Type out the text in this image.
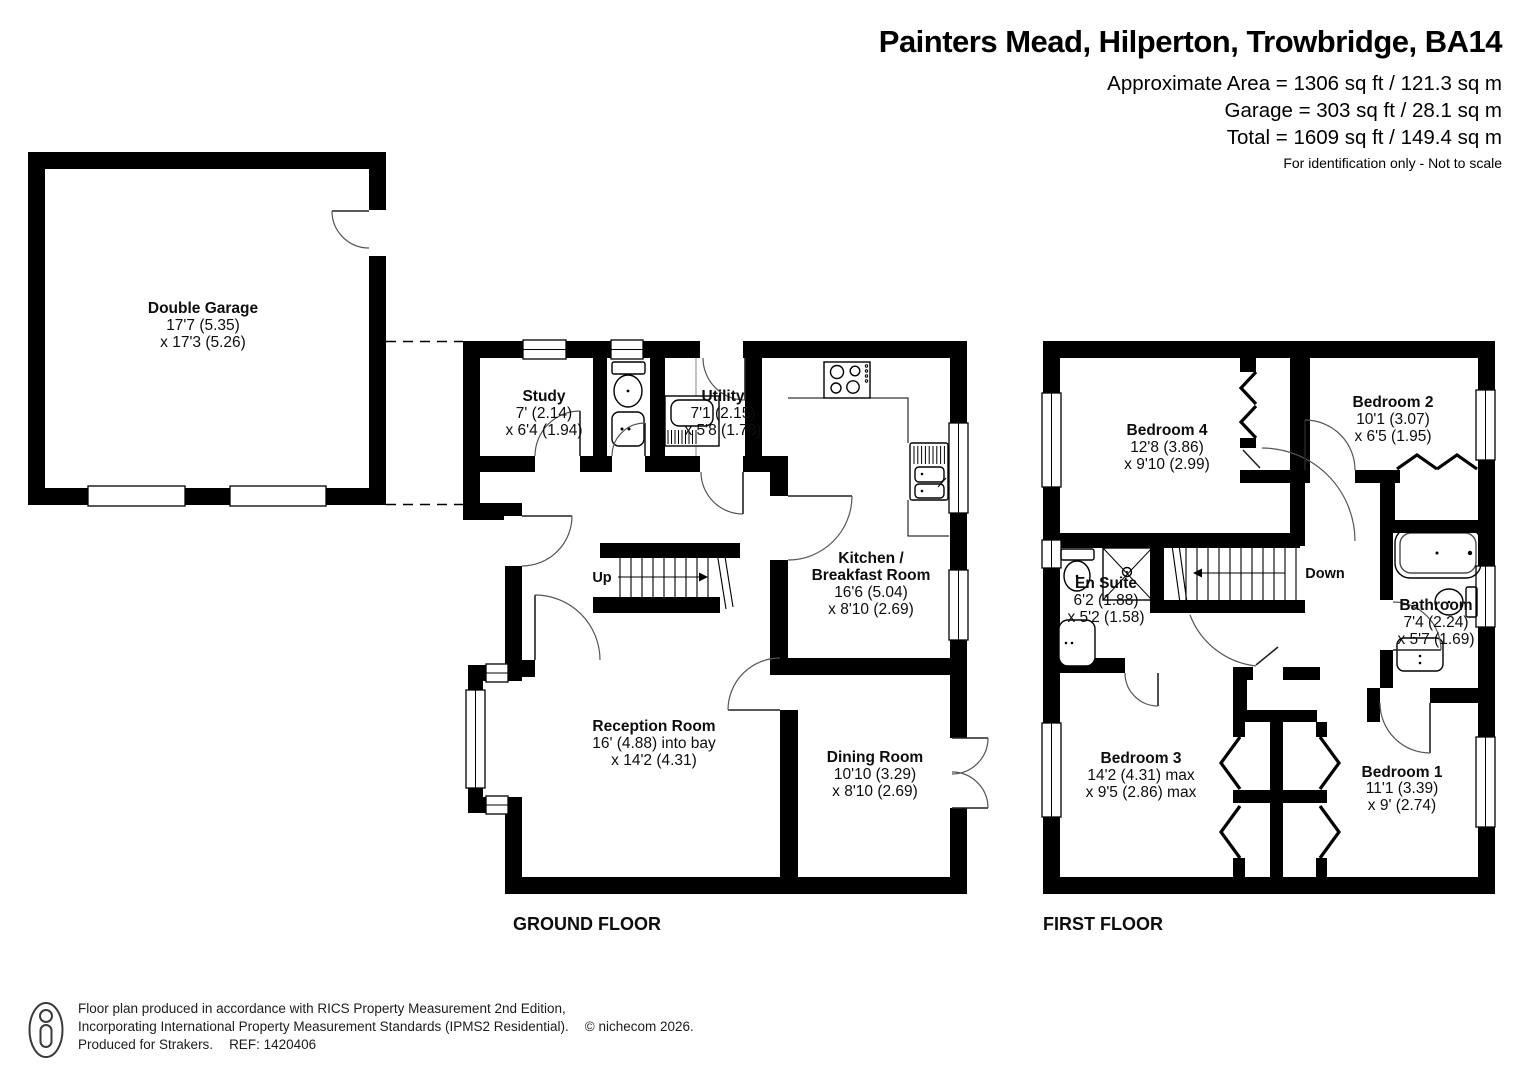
Painters Mead, Hilperton, Trowbridge, BA14
Approximate Area = 1306 sq ft / 121.3 sq m
Garage = 303 sq ft / 28.1 sq m
Total = 1609 sq ft / 149.4 sq m
For identification only - Not to scale
Double Garage
17'7 (5.35)
x 17'3 (5.26)
Study
7' (2.14)
x 6'4 (1.94)
Utility
7'1 (2.15)
x 5'8 (1.73)
Kitchen /
Breakfast Room
16'6 (5.04)
x 8'10 (2.69)
Reception Room
16' (4.88) into bay
x 14'2 (4.31)	Dining Room
10'10 (3.29)
x 8'10 (2.69)
Bedroom 4
12'8 (3.86)
x 9'10 (2.99)
Bedroom 2
10'1 (3.07)
x 6'5 (1.95)
En Suite
6'2 (1.88)
x 5'2 (1.58)
Bathroom
7'4 (2.24)
x 5'7 (1.69)
Bedroom 3
14'2 (4.31) max
x 9'5 (2.86) max
Bedroom 1
11'1 (3.39)
x 9' (2.74)
Up	Down
GROUND FLOOR	FIRST FLOOR
Floor plan produced in accordance with RICS Property Measurement 2nd Edition,
Incorporating International Property Measurement Standards (IPMS2 Residential). © nichecom 2026.
Produced for Strakers. REF: 1420406
